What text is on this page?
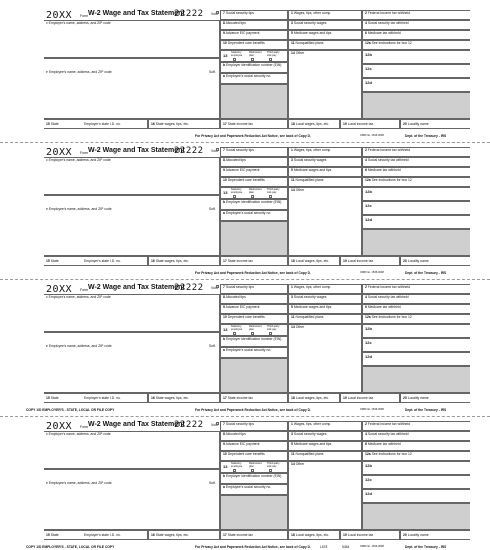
20XX Form W-2 Wage and Tax Statement
22222 Void
c Employer's name, address, and ZIP code
e Employee's name, address, and ZIP code	Suff.
7 Social security tips
8 Allocated tips
9 Advance EIC payment
10 Dependent care benefits
13
Statutory employee
Retirement plan
Third-party sick pay
b Employer identification number (EIN)
a Employee's social security no.
1 Wages, tips, other comp.
3 Social security wages
5 Medicare wages and tips
11 Nonqualified plans
14 Other
2 Federal income tax withheld
4 Social security tax withheld
6 Medicare tax withheld
12a See instructions for box 12
12b
12c
12d
15 State	Employer's state I.D. no.	16 State wages, tips, etc.	17 State income tax	18 Local wages, tips, etc.	19 Local income tax	20 Locality name
For Privacy Act and Paperwork Reduction Act Notice, see back of Copy D.	OMB No. 1545-0008	Dept. of the Treasury - IRS
20XX Form W-2 Wage and Tax Statement
22222 Void
c Employer's name, address, and ZIP code
e Employee's name, address, and ZIP code	Suff.
7 Social security tips
8 Allocated tips
9 Advance EIC payment
10 Dependent care benefits
13
Statutory employee
Retirement plan
Third-party sick pay
b Employer identification number (EIN)
a Employee's social security no.
1 Wages, tips, other comp.
3 Social security wages
5 Medicare wages and tips
11 Nonqualified plans
14 Other
2 Federal income tax withheld
4 Social security tax withheld
6 Medicare tax withheld
12a See instructions for box 12
12b
12c
12d
15 State	Employer's state I.D. no.	16 State wages, tips, etc.	17 State income tax	18 Local wages, tips, etc.	19 Local income tax	20 Locality name
For Privacy Act and Paperwork Reduction Act Notice, see back of Copy D.	OMB No. 1545-0008	Dept. of the Treasury - IRS
20XX Form W-2 Wage and Tax Statement
22222 Void
c Employer's name, address, and ZIP code
e Employee's name, address, and ZIP code	Suff.
7 Social security tips
8 Allocated tips
9 Advance EIC payment
10 Dependent care benefits
13
Statutory employee
Retirement plan
Third-party sick pay
b Employer identification number (EIN)
a Employee's social security no.
1 Wages, tips, other comp.
3 Social security wages
5 Medicare wages and tips
11 Nonqualified plans
14 Other
2 Federal income tax withheld
4 Social security tax withheld
6 Medicare tax withheld
12a See instructions for box 12
12b
12c
12d
15 State	Employer's state I.D. no.	16 State wages, tips, etc.	17 State income tax	18 Local wages, tips, etc.	19 Local income tax	20 Locality name
COPY 1/D EMPLOYER'S - STATE, LOCAL OR FILE COPY	For Privacy Act and Paperwork Reduction Act Notice, see back of Copy D.	OMB No. 1545-0008	Dept. of the Treasury - IRS
20XX Form W-2 Wage and Tax Statement
22222 Void
c Employer's name, address, and ZIP code
e Employee's name, address, and ZIP code	Suff.
7 Social security tips
8 Allocated tips
9 Advance EIC payment
10 Dependent care benefits
13
Statutory employee
Retirement plan
Third-party sick pay
b Employer identification number (EIN)
a Employee's social security no.
1 Wages, tips, other comp.
3 Social security wages
5 Medicare wages and tips
11 Nonqualified plans
14 Other
2 Federal income tax withheld
4 Social security tax withheld
6 Medicare tax withheld
12a See instructions for box 12
12b
12c
12d
15 State	Employer's state I.D. no.	16 State wages, tips, etc.	17 State income tax	18 Local wages, tips, etc.	19 Local income tax	20 Locality name
COPY 1/D EMPLOYER'S - STATE, LOCAL OR FILE COPY	For Privacy Act and Paperwork Reduction Act Notice, see back of Copy D.	OMB No. 1545-0008	Dept. of the Treasury - IRS
L678	5454
